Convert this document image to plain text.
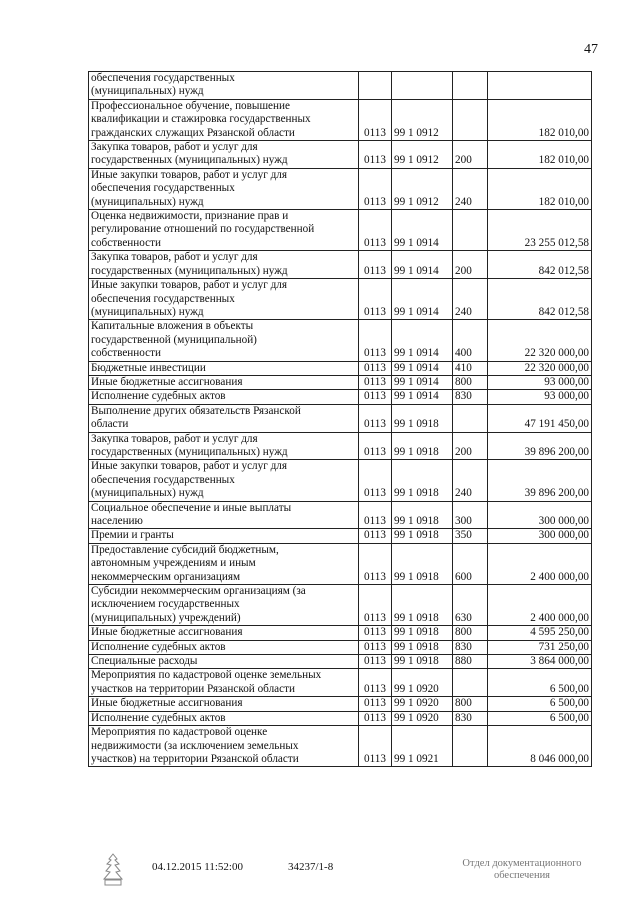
47
обеспечения государственных
(муниципальных) нужд				
Профессиональное обучение, повышение
квалификации и стажировка государственных
гражданских служащих Рязанской области	0113	99 1 0912		182 010,00
Закупка товаров, работ и услуг для
государственных (муниципальных) нужд	0113	99 1 0912	200	182 010,00
Иные закупки товаров, работ и услуг для
обеспечения государственных
(муниципальных) нужд	0113	99 1 0912	240	182 010,00
Оценка недвижимости, признание прав и
регулирование отношений по государственной
собственности	0113	99 1 0914		23 255 012,58
Закупка товаров, работ и услуг для
государственных (муниципальных) нужд	0113	99 1 0914	200	842 012,58
Иные закупки товаров, работ и услуг для
обеспечения государственных
(муниципальных) нужд	0113	99 1 0914	240	842 012,58
Капитальные вложения в объекты
государственной (муниципальной)
собственности	0113	99 1 0914	400	22 320 000,00
Бюджетные инвестиции	0113	99 1 0914	410	22 320 000,00
Иные бюджетные ассигнования	0113	99 1 0914	800	93 000,00
Исполнение судебных актов	0113	99 1 0914	830	93 000,00
Выполнение других обязательств Рязанской
области	0113	99 1 0918		47 191 450,00
Закупка товаров, работ и услуг для
государственных (муниципальных) нужд	0113	99 1 0918	200	39 896 200,00
Иные закупки товаров, работ и услуг для
обеспечения государственных
(муниципальных) нужд	0113	99 1 0918	240	39 896 200,00
Социальное обеспечение и иные выплаты
населению	0113	99 1 0918	300	300 000,00
Премии и гранты	0113	99 1 0918	350	300 000,00
Предоставление субсидий бюджетным,
автономным учреждениям и иным
некоммерческим организациям	0113	99 1 0918	600	2 400 000,00
Субсидии некоммерческим организациям (за
исключением государственных
(муниципальных) учреждений)	0113	99 1 0918	630	2 400 000,00
Иные бюджетные ассигнования	0113	99 1 0918	800	4 595 250,00
Исполнение судебных актов	0113	99 1 0918	830	731 250,00
Специальные расходы	0113	99 1 0918	880	3 864 000,00
Мероприятия по кадастровой оценке земельных
участков на территории Рязанской области	0113	99 1 0920		6 500,00
Иные бюджетные ассигнования	0113	99 1 0920	800	6 500,00
Исполнение судебных актов	0113	99 1 0920	830	6 500,00
Мероприятия по кадастровой оценке
недвижимости (за исключением земельных
участков) на территории Рязанской области	0113	99 1 0921		8 046 000,00
04.12.2015 11:52:00	34237/1-8	Отдел документационного
обеспечения
